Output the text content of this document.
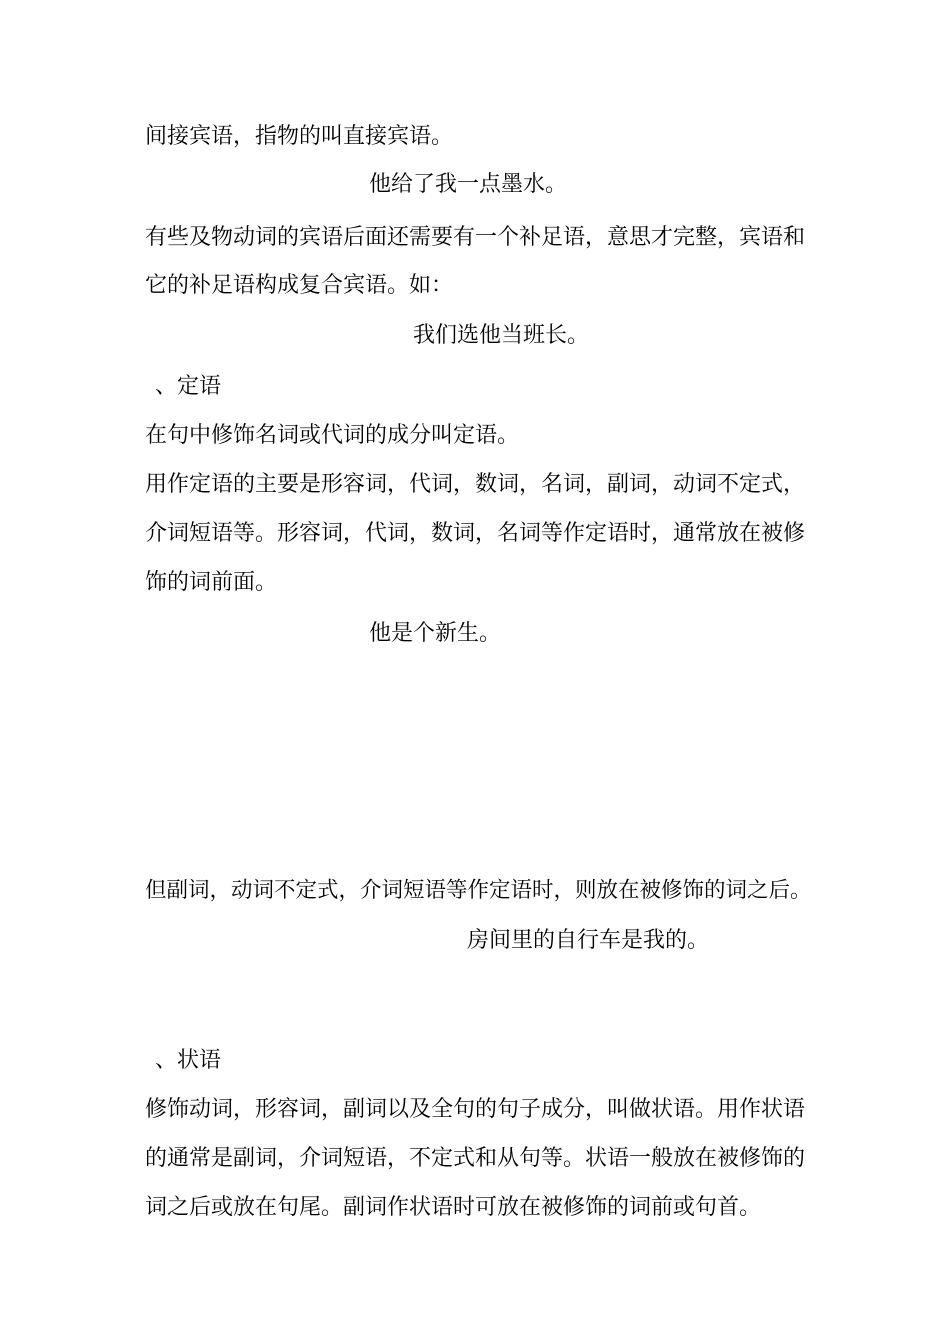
间接宾语，指物的叫直接宾语。

他给了我一点墨水。

有些及物动词的宾语后面还需要有一个补足语，意思才完整，宾语和

它的补足语构成复合宾语。如：

我们选他当班长。

、定语

在句中修饰名词或代词的成分叫定语。

用作定语的主要是形容词，代词，数词，名词，副词，动词不定式，

介词短语等。形容词，代词，数词，名词等作定语时，通常放在被修

饰的词前面。

他是个新生。

但副词，动词不定式，介词短语等作定语时，则放在被修饰的词之后。

房间里的自行车是我的。

、状语

修饰动词，形容词，副词以及全句的句子成分，叫做状语。用作状语

的通常是副词，介词短语，不定式和从句等。状语一般放在被修饰的

词之后或放在句尾。副词作状语时可放在被修饰的词前或句首。
